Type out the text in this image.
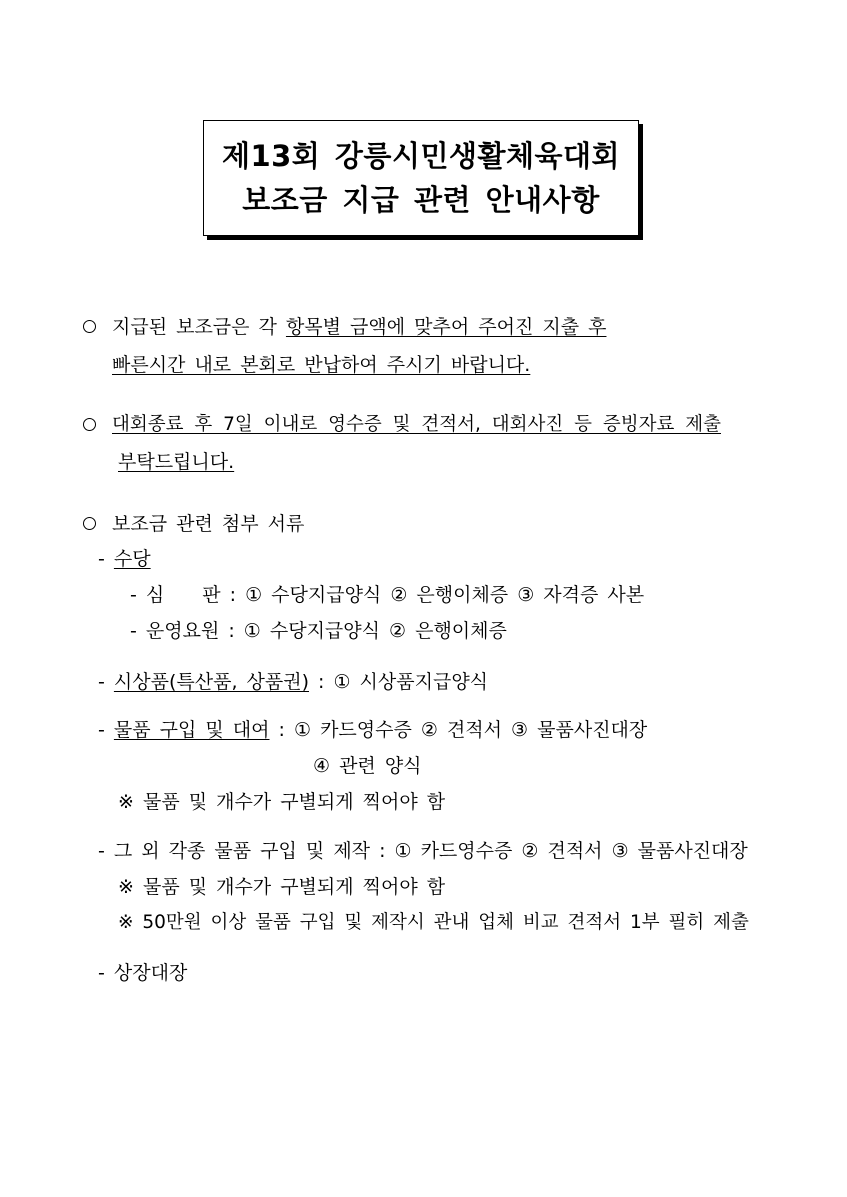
제13회 강릉시민생활체육대회
보조금 지급 관련 안내사항
지급된 보조금은 각 항목별 금액에 맞추어 주어진 지출 후
빠른시간 내로 본회로 반납하여 주시기 바랍니다.
대회종료 후 7일 이내로 영수증 및 견적서, 대회사진 등 증빙자료 제출
부탁드립니다.
보조금 관련 첨부 서류
- 수당
- 심　　판 : ① 수당지급양식 ② 은행이체증 ③ 자격증 사본
- 운영요원 : ① 수당지급양식 ② 은행이체증
- 시상품(특산품, 상품권) : ① 시상품지급양식
- 물품 구입 및 대여 : ① 카드영수증 ② 견적서 ③ 물품사진대장
④ 관련 양식
※ 물품 및 개수가 구별되게 찍어야 함
- 그 외 각종 물품 구입 및 제작 : ① 카드영수증 ② 견적서 ③ 물품사진대장
※ 물품 및 개수가 구별되게 찍어야 함
※ 50만원 이상 물품 구입 및 제작시 관내 업체 비교 견적서 1부 필히 제출
- 상장대장
